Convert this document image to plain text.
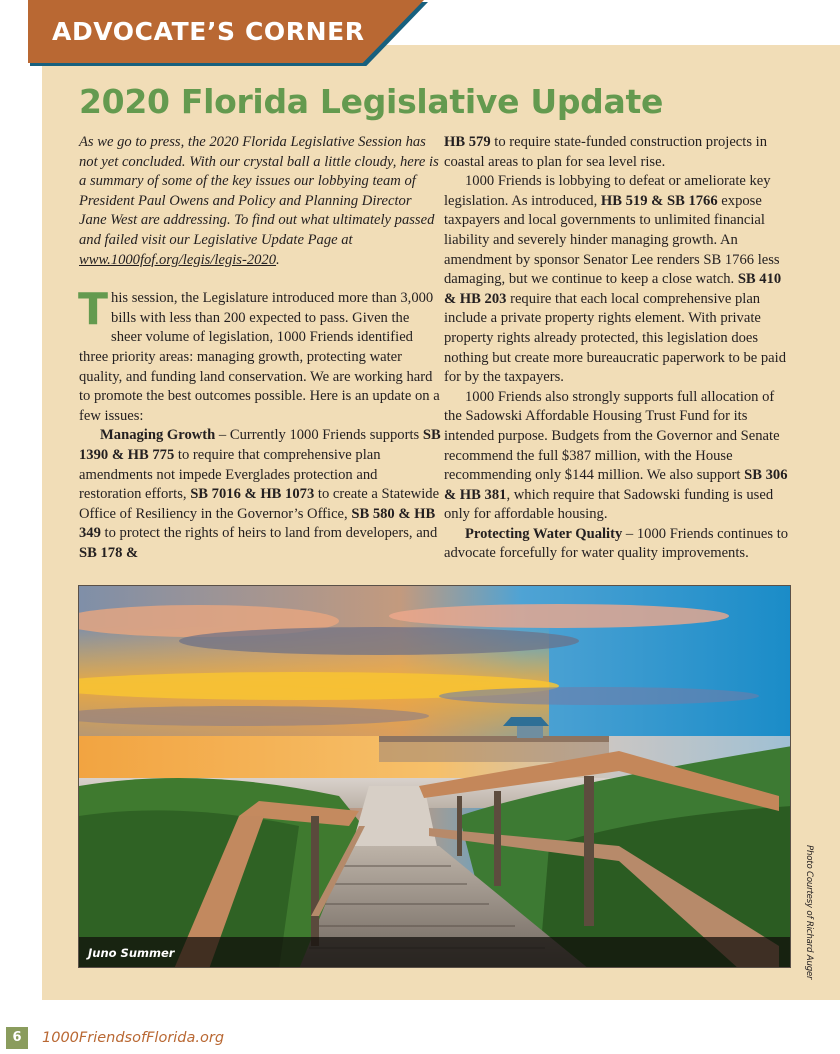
ADVOCATE’S CORNER
2020 Florida Legislative Update

As we go to press, the 2020 Florida Legislative Session has not yet concluded. With our crystal ball a little cloudy, here is a summary of some of the key issues our lobbying team of President Paul Owens and Policy and Planning Director Jane West are addressing. To find out what ultimately passed and failed visit our Legislative Update Page at www.1000fof.org/legis/legis-2020.

This session, the Legislature introduced more than 3,000 bills with less than 200 expected to pass. Given the sheer volume of legislation, 1000 Friends identified three priority areas: managing growth, protecting water quality, and funding land conservation. We are working hard to promote the best outcomes possible. Here is an update on a few issues:

Managing Growth – Currently 1000 Friends supports SB 1390 & HB 775 to require that comprehensive plan amendments not impede Everglades protection and restoration efforts, SB 7016 & HB 1073 to create a Statewide Office of Resiliency in the Governor’s Office, SB 580 & HB 349 to protect the rights of heirs to land from developers, and SB 178 &

HB 579 to require state-funded construction projects in coastal areas to plan for sea level rise.

1000 Friends is lobbying to defeat or ameliorate key legislation. As introduced, HB 519 & SB 1766 expose taxpayers and local governments to unlimited financial liability and severely hinder managing growth. An amendment by sponsor Senator Lee renders SB 1766 less damaging, but we continue to keep a close watch. SB 410 & HB 203 require that each local comprehensive plan include a private property rights element. With private property rights already protected, this legislation does nothing but create more bureaucratic paperwork to be paid for by the taxpayers.

1000 Friends also strongly supports full allocation of the Sadowski Affordable Housing Trust Fund for its intended purpose. Budgets from the Governor and Senate recommend the full $387 million, with the House recommending only $144 million. We also support SB 306 & HB 381, which require that Sadowski funding is used only for affordable housing.

Protecting Water Quality – 1000 Friends continues to advocate forcefully for water quality improvements.

Juno Summer	Photo Courtesy of Richard Auger
6	1000FriendsofFlorida.org
